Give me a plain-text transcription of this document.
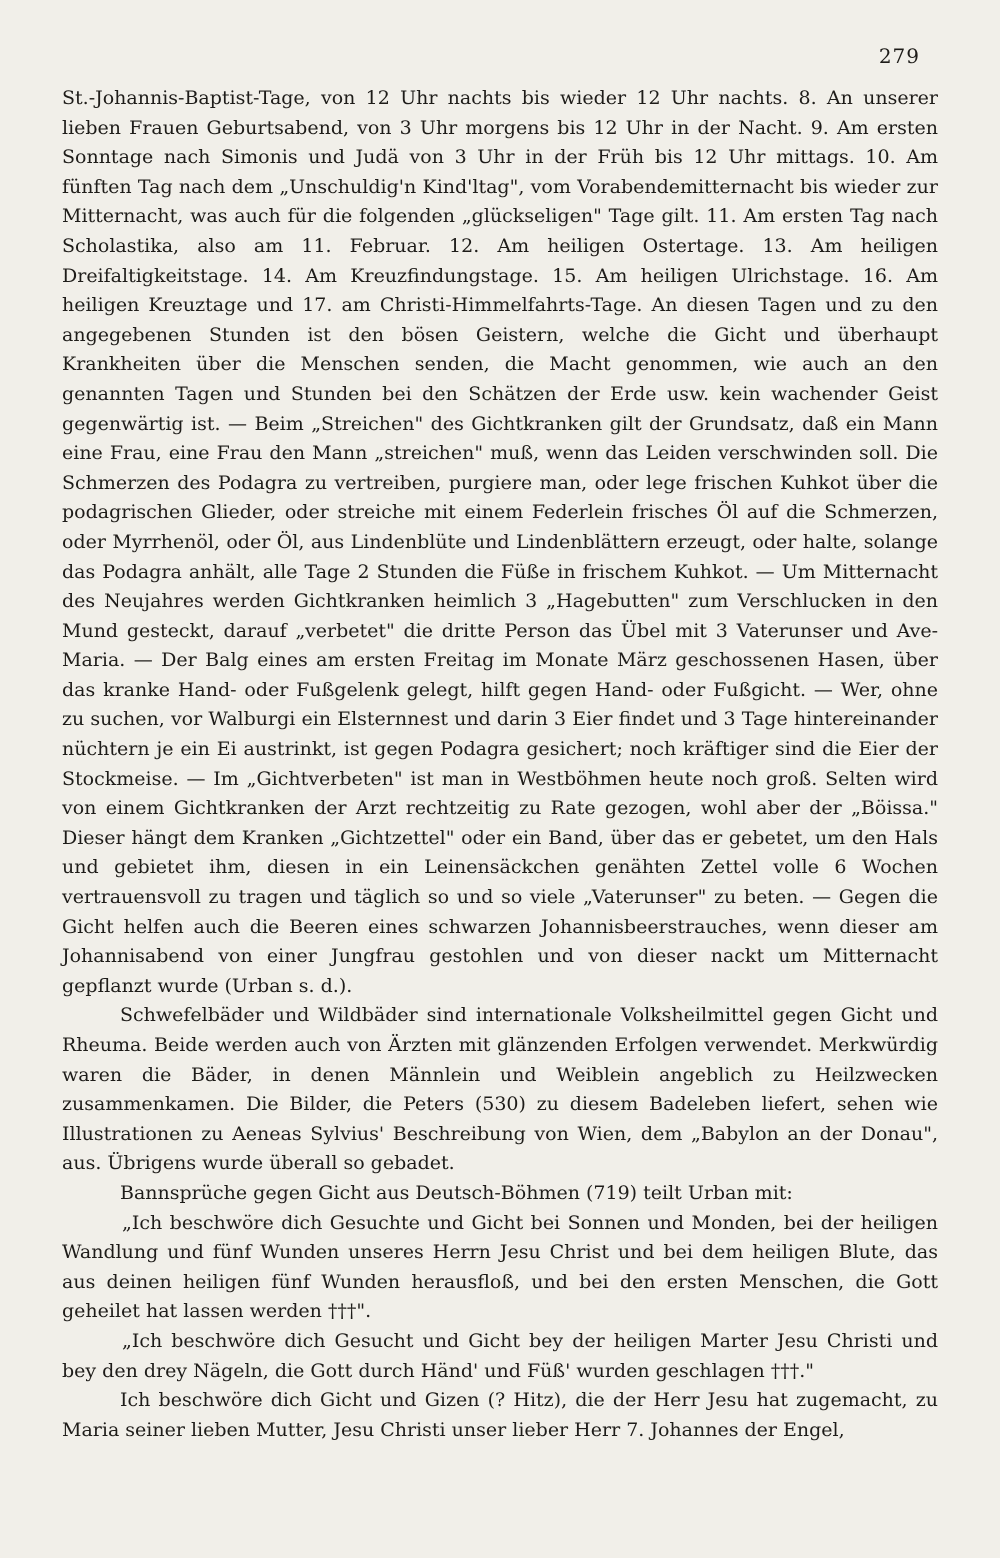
279

St.-Johannis-Baptist-Tage, von 12 Uhr nachts bis wieder 12 Uhr nachts. 8. An unserer lieben Frauen Geburtsabend, von 3 Uhr morgens bis 12 Uhr in der Nacht. 9. Am ersten Sonntage nach Simonis und Judä von 3 Uhr in der Früh bis 12 Uhr mittags. 10. Am fünften Tag nach dem „Unschuldig'n Kind'ltag", vom Vorabendemitternacht bis wieder zur Mitternacht, was auch für die folgenden „glückseligen" Tage gilt. 11. Am ersten Tag nach Scholastika, also am 11. Februar. 12. Am heiligen Ostertage. 13. Am heiligen Dreifaltigkeitstage. 14. Am Kreuzfindungstage. 15. Am heiligen Ulrichstage. 16. Am heiligen Kreuztage und 17. am Christi-Himmelfahrts-Tage. An diesen Tagen und zu den angegebenen Stunden ist den bösen Geistern, welche die Gicht und überhaupt Krankheiten über die Menschen senden, die Macht genommen, wie auch an den genannten Tagen und Stunden bei den Schätzen der Erde usw. kein wachender Geist gegenwärtig ist. — Beim „Streichen" des Gichtkranken gilt der Grundsatz, daß ein Mann eine Frau, eine Frau den Mann „streichen" muß, wenn das Leiden verschwinden soll. Die Schmerzen des Podagra zu vertreiben, purgiere man, oder lege frischen Kuhkot über die podagrischen Glieder, oder streiche mit einem Federlein frisches Öl auf die Schmerzen, oder Myrrhenöl, oder Öl, aus Lindenblüte und Lindenblättern erzeugt, oder halte, solange das Podagra anhält, alle Tage 2 Stunden die Füße in frischem Kuhkot. — Um Mitternacht des Neujahres werden Gichtkranken heimlich 3 „Hagebutten" zum Verschlucken in den Mund gesteckt, darauf „verbetet" die dritte Person das Übel mit 3 Vaterunser und Ave-Maria. — Der Balg eines am ersten Freitag im Monate März geschossenen Hasen, über das kranke Hand- oder Fußgelenk gelegt, hilft gegen Hand- oder Fußgicht. — Wer, ohne zu suchen, vor Walburgi ein Elsternnest und darin 3 Eier findet und 3 Tage hintereinander nüchtern je ein Ei austrinkt, ist gegen Podagra gesichert; noch kräftiger sind die Eier der Stockmeise. — Im „Gichtverbeten" ist man in Westböhmen heute noch groß. Selten wird von einem Gichtkranken der Arzt rechtzeitig zu Rate gezogen, wohl aber der „Böissa." Dieser hängt dem Kranken „Gichtzettel" oder ein Band, über das er gebetet, um den Hals und gebietet ihm, diesen in ein Leinensäckchen genähten Zettel volle 6 Wochen vertrauensvoll zu tragen und täglich so und so viele „Vaterunser" zu beten. — Gegen die Gicht helfen auch die Beeren eines schwarzen Johannisbeerstrauches, wenn dieser am Johannisabend von einer Jungfrau gestohlen und von dieser nackt um Mitternacht gepflanzt wurde (Urban s. d.).

Schwefelbäder und Wildbäder sind internationale Volksheilmittel gegen Gicht und Rheuma. Beide werden auch von Ärzten mit glänzenden Erfolgen verwendet. Merkwürdig waren die Bäder, in denen Männlein und Weiblein angeblich zu Heilzwecken zusammenkamen. Die Bilder, die Peters (530) zu diesem Badeleben liefert, sehen wie Illustrationen zu Aeneas Sylvius' Beschreibung von Wien, dem „Babylon an der Donau", aus. Übrigens wurde überall so gebadet.

Bannsprüche gegen Gicht aus Deutsch-Böhmen (719) teilt Urban mit:

„Ich beschwöre dich Gesuchte und Gicht bei Sonnen und Monden, bei der heiligen Wandlung und fünf Wunden unseres Herrn Jesu Christ und bei dem heiligen Blute, das aus deinen heiligen fünf Wunden herausfloß, und bei den ersten Menschen, die Gott geheilet hat lassen werden †††".

„Ich beschwöre dich Gesucht und Gicht bey der heiligen Marter Jesu Christi und bey den drey Nägeln, die Gott durch Händ' und Füß' wurden geschlagen †††."

Ich beschwöre dich Gicht und Gizen (? Hitz), die der Herr Jesu hat zugemacht, zu Maria seiner lieben Mutter, Jesu Christi unser lieber Herr 7. Johannes der Engel,
